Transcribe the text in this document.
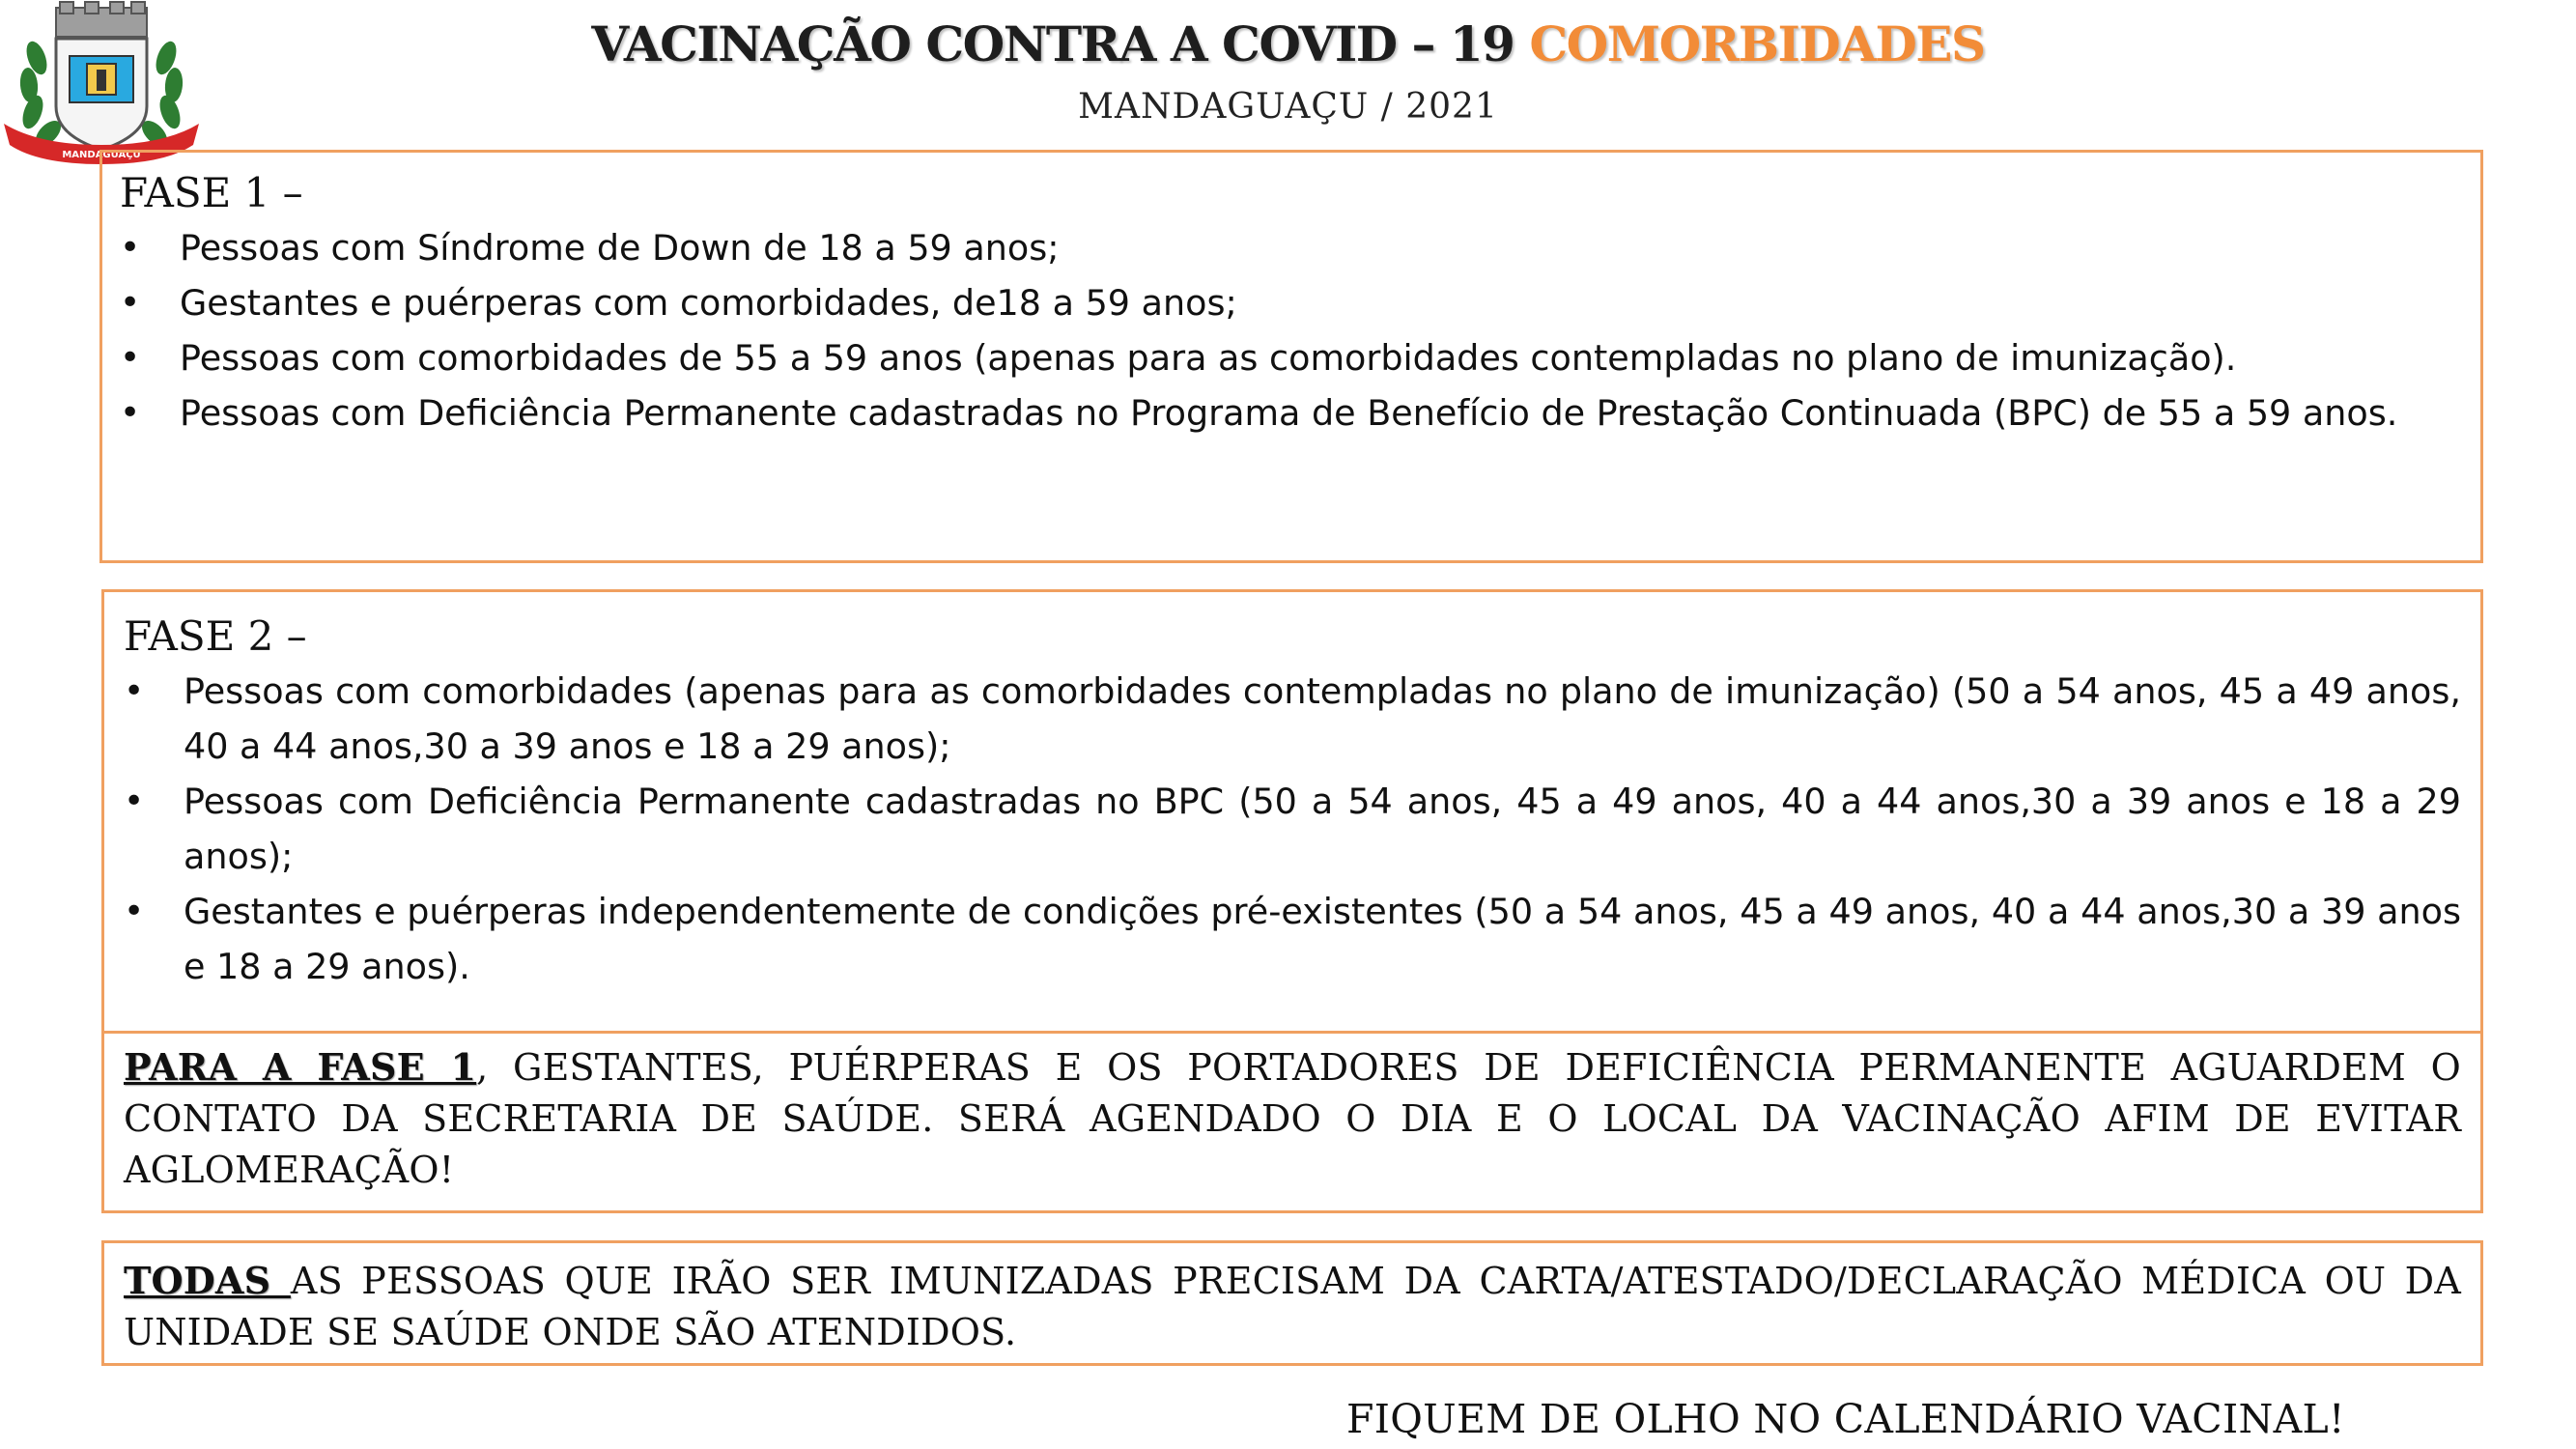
MANDAGUAÇU
VACINAÇÃO CONTRA A COVID – 19 COMORBIDADES
MANDAGUAÇU / 2021
FASE 1 –
•	Pessoas com Síndrome de Down de 18 a 59 anos;
•	Gestantes e puérperas com comorbidades, de18 a 59 anos;
•	Pessoas com comorbidades de 55 a 59 anos (apenas para as comorbidades contempladas no plano de imunização).
•	Pessoas com Deficiência Permanente cadastradas no Programa de Benefício de Prestação Continuada (BPC) de 55 a 59 anos.
FASE 2 –
•	Pessoas com comorbidades (apenas para as comorbidades contempladas no plano de imunização) (50 a 54 anos, 45 a 49 anos, 40 a 44 anos,30 a 39 anos e 18 a 29 anos);
•	Pessoas com Deficiência Permanente cadastradas no BPC (50 a 54 anos, 45 a 49 anos, 40 a 44 anos,30 a 39 anos e 18 a 29 anos);
•	Gestantes e puérperas independentemente de condições pré-existentes (50 a 54 anos, 45 a 49 anos, 40 a 44 anos,30 a 39 anos e 18 a 29 anos).
PARA A FASE 1, GESTANTES, PUÉRPERAS E OS PORTADORES DE DEFICIÊNCIA PERMANENTE AGUARDEM O CONTATO DA SECRETARIA DE SAÚDE. SERÁ AGENDADO O DIA E O LOCAL DA VACINAÇÃO AFIM DE EVITAR AGLOMERAÇÃO!
TODAS AS PESSOAS QUE IRÃO SER IMUNIZADAS PRECISAM DA CARTA/ATESTADO/DECLARAÇÃO MÉDICA OU DA UNIDADE SE SAÚDE ONDE SÃO ATENDIDOS.
FIQUEM DE OLHO NO CALENDÁRIO VACINAL!
